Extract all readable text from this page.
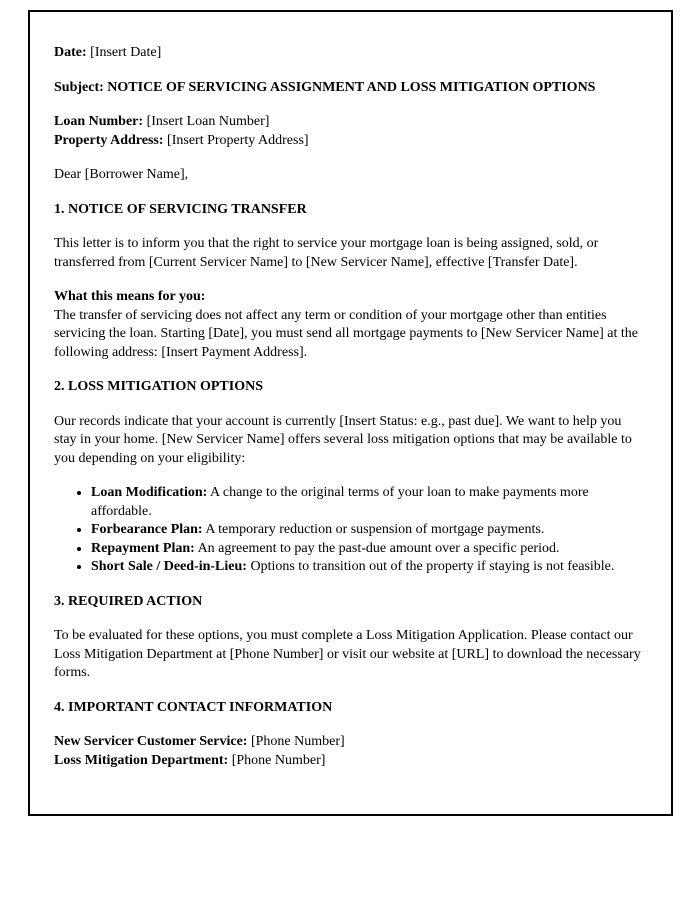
Date: [Insert Date]

Subject: NOTICE OF SERVICING ASSIGNMENT AND LOSS MITIGATION OPTIONS

Loan Number: [Insert Loan Number]
Property Address: [Insert Property Address]

Dear [Borrower Name],

1. NOTICE OF SERVICING TRANSFER

This letter is to inform you that the right to service your mortgage loan is being assigned, sold, or transferred from [Current Servicer Name] to [New Servicer Name], effective [Transfer Date].

What this means for you:
The transfer of servicing does not affect any term or condition of your mortgage other than entities servicing the loan. Starting [Date], you must send all mortgage payments to [New Servicer Name] at the following address: [Insert Payment Address].

2. LOSS MITIGATION OPTIONS

Our records indicate that your account is currently [Insert Status: e.g., past due]. We want to help you stay in your home. [New Servicer Name] offers several loss mitigation options that may be available to you depending on your eligibility:

• Loan Modification: A change to the original terms of your loan to make payments more affordable.
• Forbearance Plan: A temporary reduction or suspension of mortgage payments.
• Repayment Plan: An agreement to pay the past-due amount over a specific period.
• Short Sale / Deed-in-Lieu: Options to transition out of the property if staying is not feasible.
3. REQUIRED ACTION

To be evaluated for these options, you must complete a Loss Mitigation Application. Please contact our Loss Mitigation Department at [Phone Number] or visit our website at [URL] to download the necessary forms.

4. IMPORTANT CONTACT INFORMATION

New Servicer Customer Service: [Phone Number]
Loss Mitigation Department: [Phone Number]
